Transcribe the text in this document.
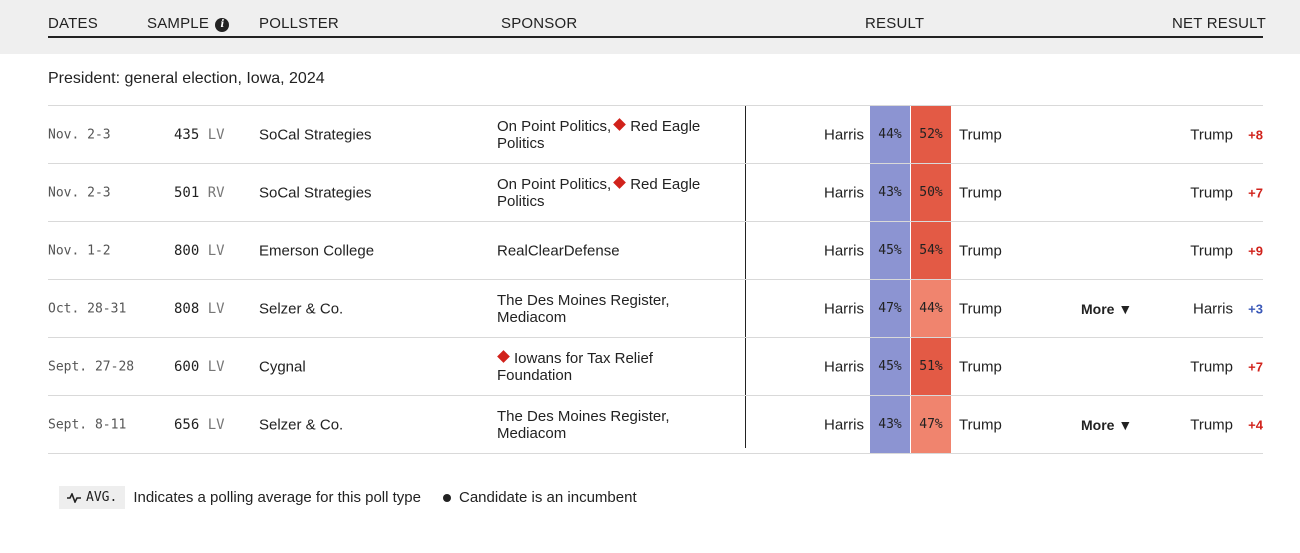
DATES	SAMPLE i	POLLSTER	SPONSOR	RESULT	NET RESULT
President: general election, Iowa, 2024
Nov. 2-3	435 LV SoCal Strategies	On Point Politics, Red Eagle
Politics	Harris	44%	52%	Trump	Trump +8
Nov. 2-3	501 RV SoCal Strategies	On Point Politics, Red Eagle
Politics	Harris	43%	50%	Trump	Trump +7
Nov. 1-2	800 LV Emerson College	RealClearDefense	Harris	45%	54%	Trump	Trump +9
Oct. 28-31	808 LV Selzer & Co.	The Des Moines Register,
Mediacom	Harris	47%	44%	Trump	More ▼	Harris +3
Sept. 27-28	600 LV Cygnal	Iowans for Tax Relief
Foundation	Harris	45%	51%	Trump	Trump +7
Sept. 8-11	656 LV Selzer & Co.	The Des Moines Register,
Mediacom	Harris	43%	47%	Trump	More ▼	Trump +4
AVG. Indicates a polling average for this poll type	Candidate is an incumbent
